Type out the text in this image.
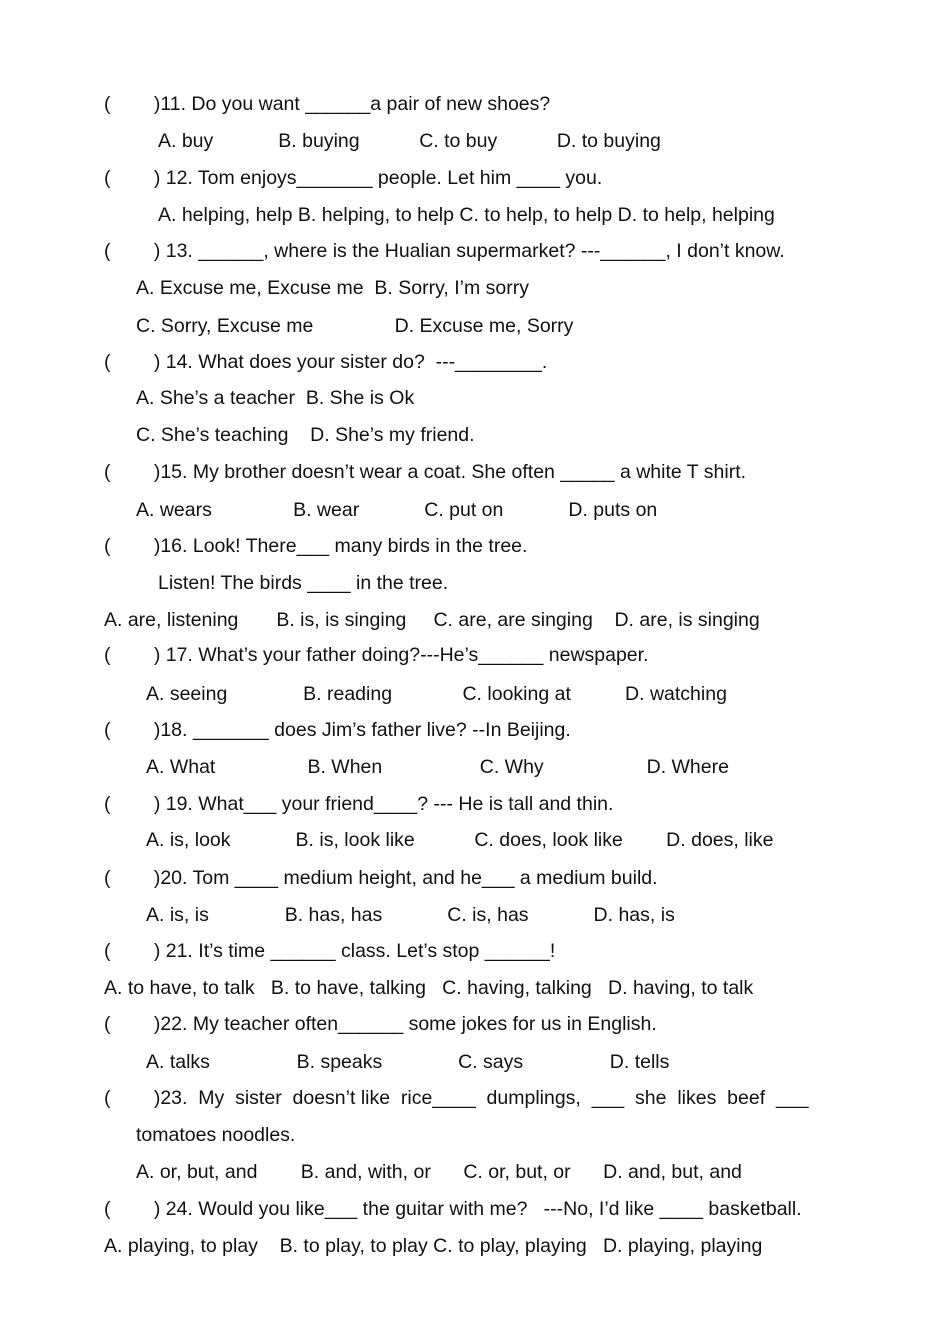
(        )11. Do you want ______a pair of new shoes?
A. buy            B. buying           C. to buy           D. to buying
(        ) 12. Tom enjoys_______ people. Let him ____ you.
A. helping, help B. helping, to help C. to help, to help D. to help, helping
(        ) 13. ______, where is the Hualian supermarket? ---______, I don’t know.
A. Excuse me, Excuse me  B. Sorry, I’m sorry
C. Sorry, Excuse me               D. Excuse me, Sorry
(        ) 14. What does your sister do?  ---________.
A. She’s a teacher  B. She is Ok
C. She’s teaching    D. She’s my friend.
(        )15. My brother doesn’t wear a coat. She often _____ a white T shirt.
A. wears               B. wear            C. put on            D. puts on
(        )16. Look! There___ many birds in the tree.
Listen! The birds ____ in the tree.
A. are, listening       B. is, is singing     C. are, are singing    D. are, is singing
(        ) 17. What’s your father doing?---He’s______ newspaper.
A. seeing              B. reading             C. looking at          D. watching
(        )18. _______ does Jim’s father live? --In Beijing.
A. What                 B. When                  C. Why                   D. Where
(        ) 19. What___ your friend____? --- He is tall and thin.
A. is, look            B. is, look like           C. does, look like        D. does, like
(        )20. Tom ____ medium height, and he___ a medium build.
A. is, is              B. has, has            C. is, has            D. has, is
(        ) 21. It’s time ______ class. Let’s stop ______!
A. to have, to talk   B. to have, talking   C. having, talking   D. having, to talk
(        )22. My teacher often______ some jokes for us in English.
A. talks                B. speaks              C. says                D. tells
(        )23.  My  sister  doesn’t like  rice____  dumplings,  ___  she  likes  beef  ___
tomatoes noodles.
A. or, but, and        B. and, with, or      C. or, but, or      D. and, but, and
(        ) 24. Would you like___ the guitar with me?   ---No, I’d like ____ basketball.
A. playing, to play    B. to play, to play C. to play, playing   D. playing, playing
